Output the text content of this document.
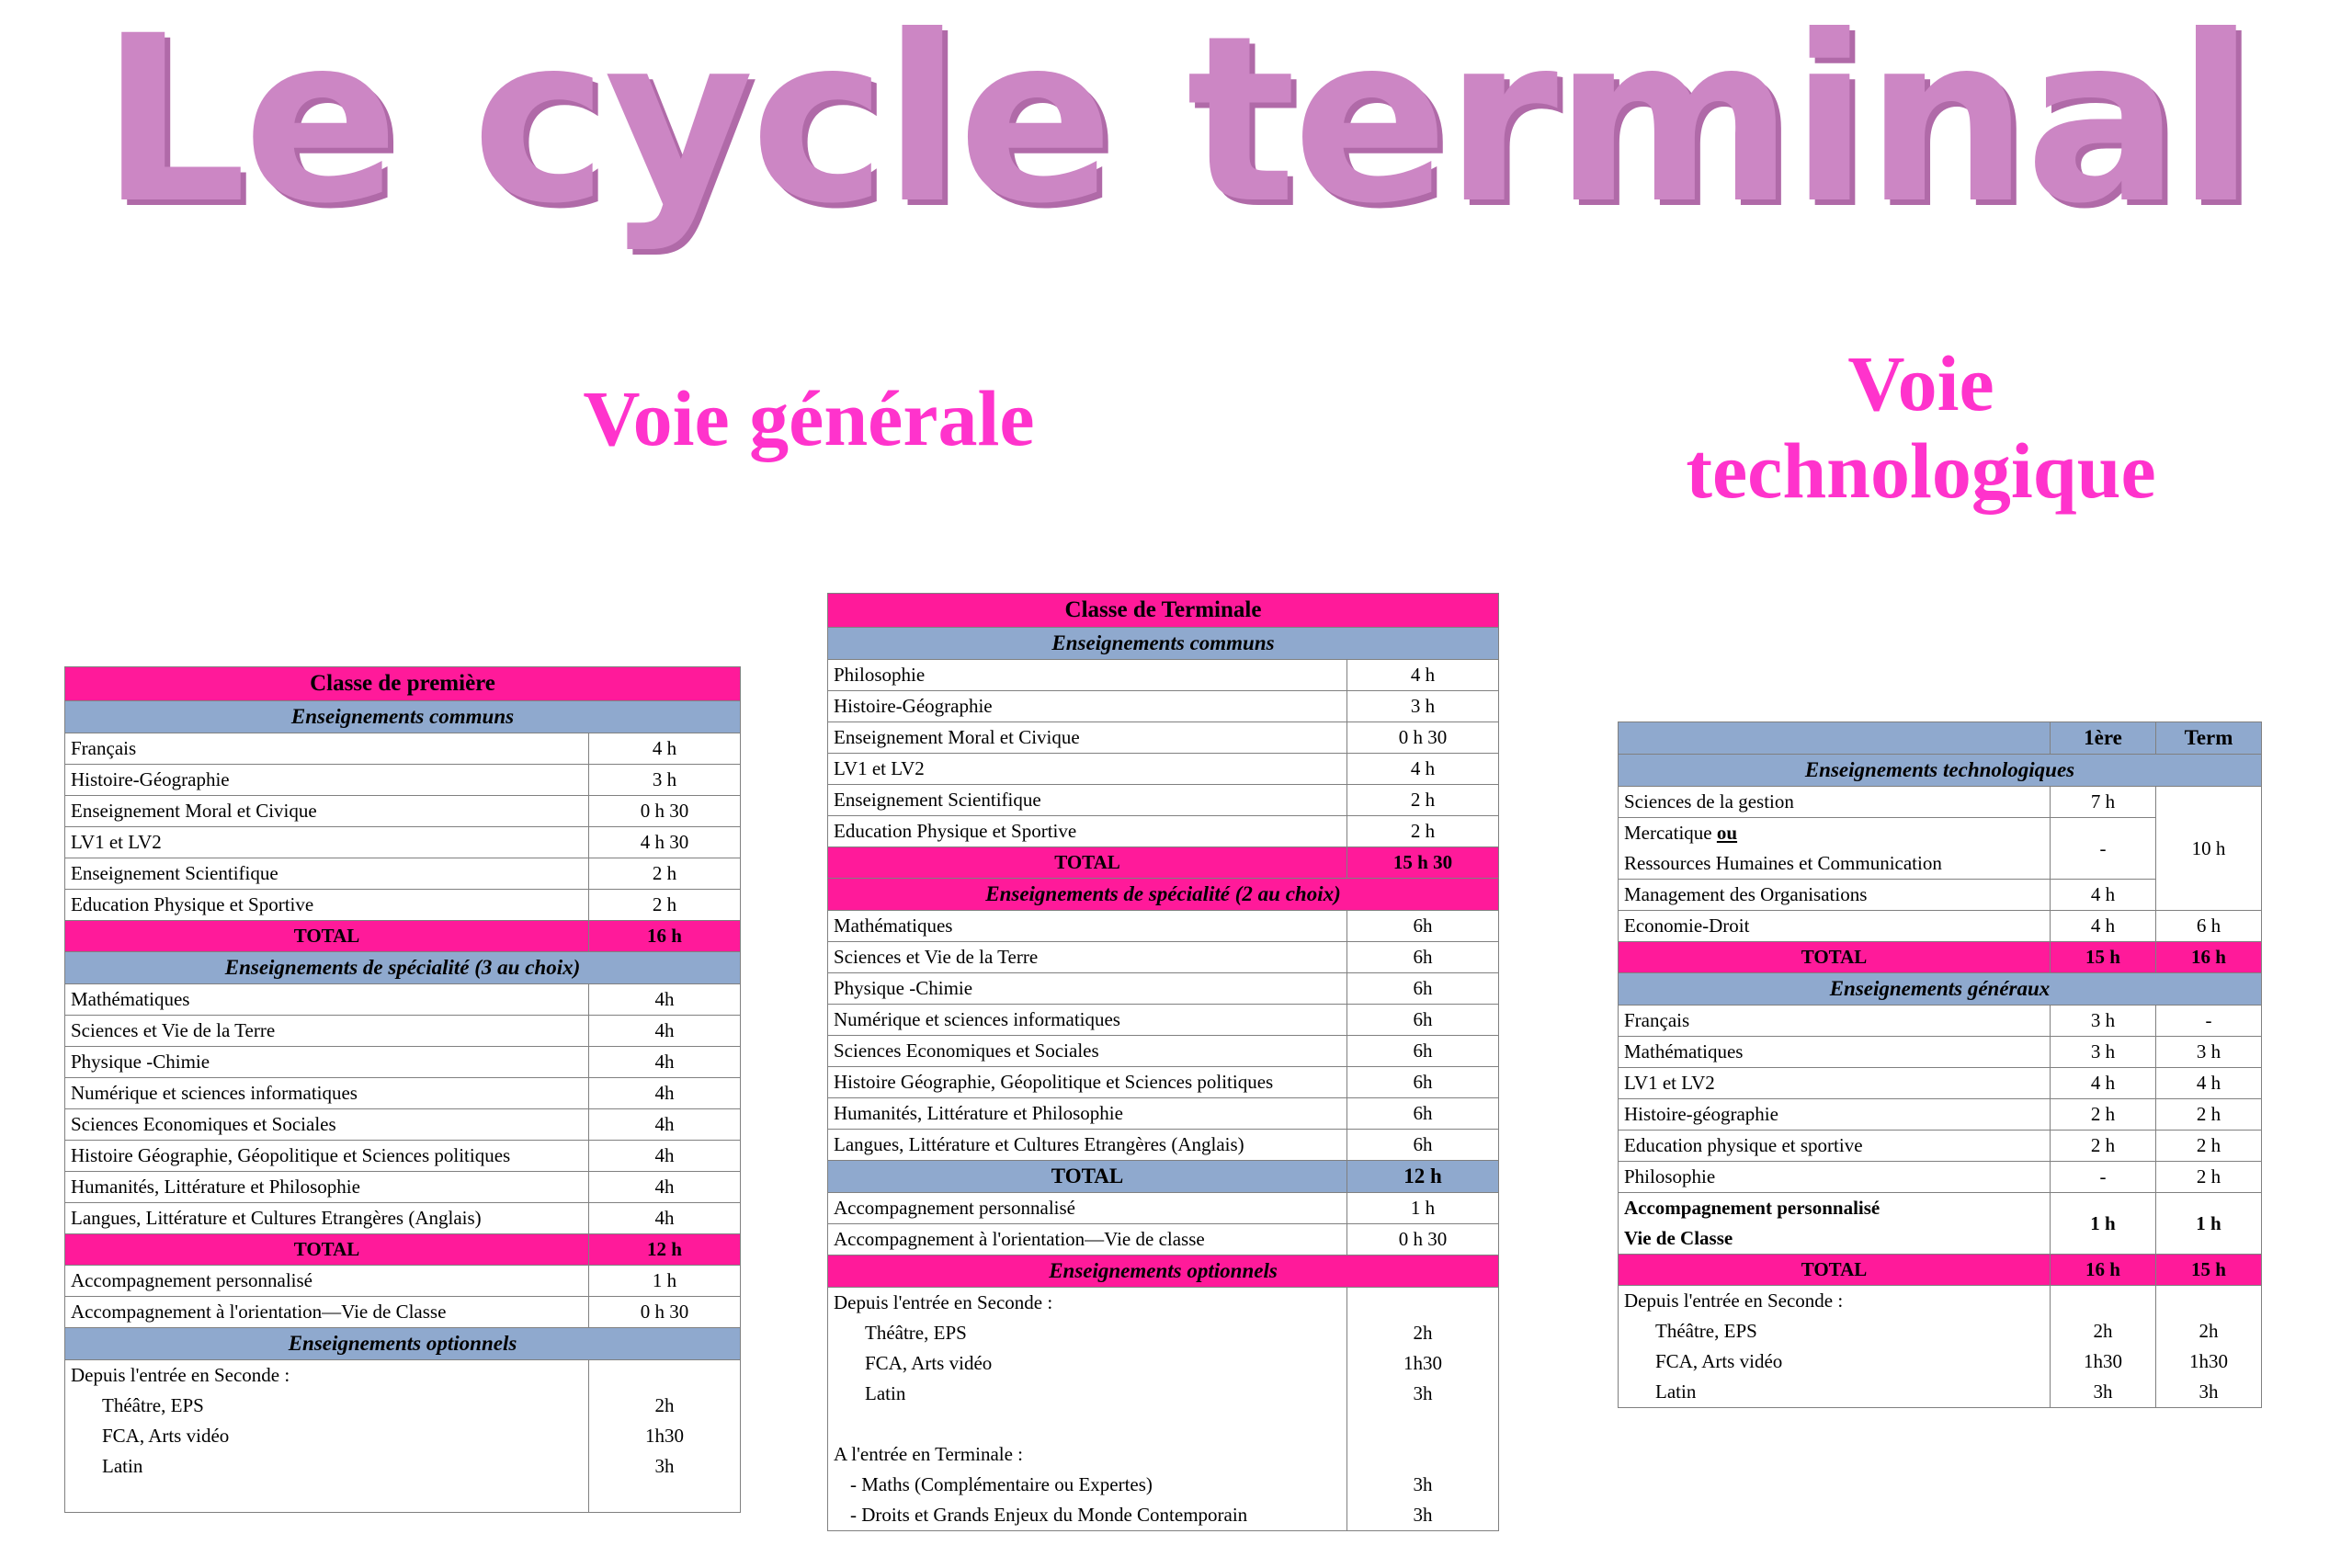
Le cycle terminal
Voie générale	Voie
technologique
Classe de première	
Enseignements communs	
Français	4 h
Histoire-Géographie	3 h
Enseignement Moral et Civique	0 h 30
LV1 et LV2	4 h 30
Enseignement Scientifique	2 h
Education Physique et Sportive	2 h
TOTAL	16 h
Enseignements de spécialité (3 au choix)	
Mathématiques	4h
Sciences et Vie de la Terre	4h
Physique -Chimie	4h
Numérique et sciences informatiques	4h
Sciences Economiques et Sociales	4h
Histoire Géographie, Géopolitique et Sciences politiques	4h
Humanités, Littérature et Philosophie	4h
Langues, Littérature et Cultures Etrangères (Anglais)	4h
TOTAL	12 h
Accompagnement personnalisé	1 h
Accompagnement à l'orientation—Vie de Classe	0 h 30
Enseignements optionnels	
Depuis l'entrée en Seconde :	
Théâtre, EPS	2h
FCA, Arts vidéo	1h30
Latin	3h

Classe de Terminale	
Enseignements communs	
Philosophie	4 h
Histoire-Géographie	3 h
Enseignement Moral et Civique	0 h 30
LV1 et LV2	4 h
Enseignement Scientifique	2 h
Education Physique et Sportive	2 h
TOTAL	15 h 30
Enseignements de spécialité (2 au choix)	
Mathématiques	6h
Sciences et Vie de la Terre	6h
Physique -Chimie	6h
Numérique et sciences informatiques	6h
Sciences Economiques et Sociales	6h
Histoire Géographie, Géopolitique et Sciences politiques	6h
Humanités, Littérature et Philosophie	6h
Langues, Littérature et Cultures Etrangères (Anglais)	6h
TOTAL	12 h
Accompagnement personnalisé	1 h
Accompagnement à l'orientation—Vie de classe	0 h 30
Enseignements optionnels	
Depuis l'entrée en Seconde :	
Théâtre, EPS	2h
FCA, Arts vidéo	1h30
Latin	3h

A l'entrée en Terminale :	
- Maths (Complémentaire ou Expertes)	3h
- Droits et Grands Enjeux du Monde Contemporain	3h
	1ère	Term
Enseignements technologiques		
Sciences de la gestion	7 h	10 h
Mercatique ou	-	
Ressources Humaines et Communication		
Management des Organisations	4 h	
Economie-Droit	4 h	6 h
TOTAL	15 h	16 h
Enseignements généraux		
Français	3 h	-
Mathématiques	3 h	3 h
LV1 et LV2	4 h	4 h
Histoire-géographie	2 h	2 h
Education physique et sportive	2 h	2 h
Philosophie	-	2 h
Accompagnement personnalisé	1 h	1 h
Vie de Classe		
TOTAL	16 h	15 h
Depuis l'entrée en Seconde :		
Théâtre, EPS	2h	2h
FCA, Arts vidéo	1h30	1h30
Latin	3h	3h
